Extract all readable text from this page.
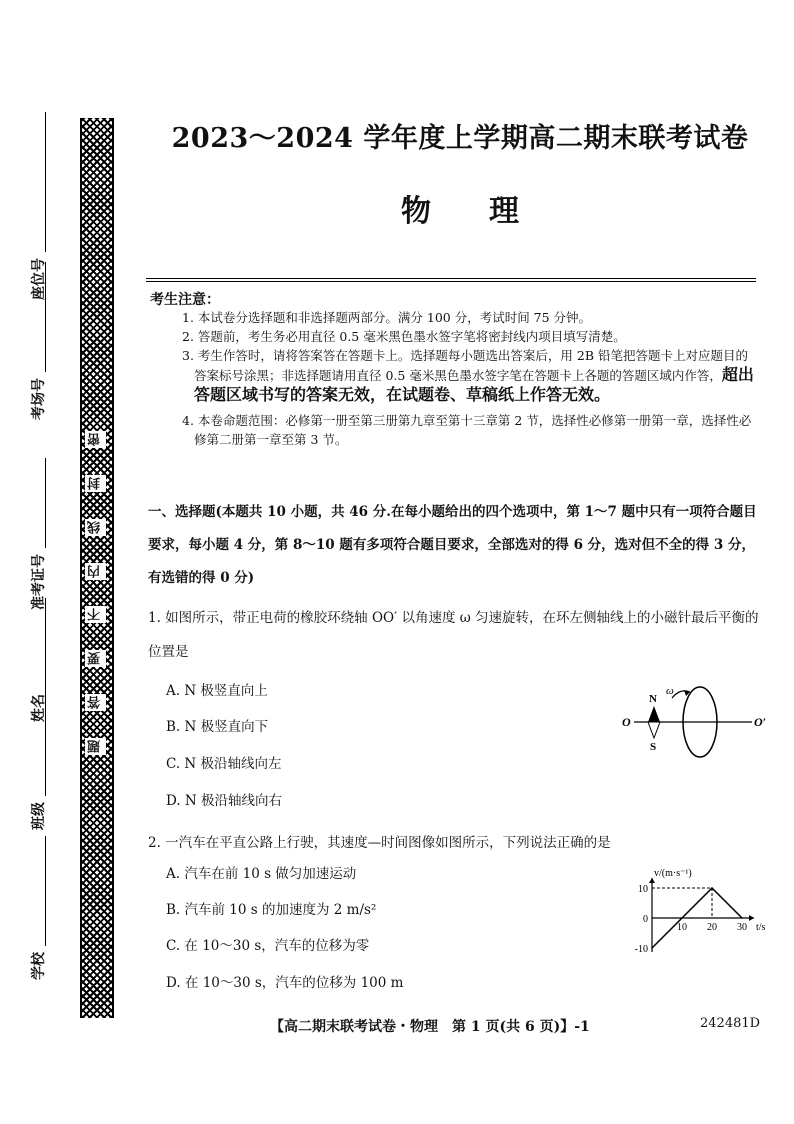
密
封
线
内
不
要
答
题
学校
班级
姓名
准考证号
考场号
座位号
2023～2024 学年度上学期高二期末联考试卷
物理
考生注意：
1. 本试卷分选择题和非选择题两部分。满分 100 分，考试时间 75 分钟。
2. 答题前，考生务必用直径 0.5 毫米黑色墨水签字笔将密封线内项目填写清楚。
3. 考生作答时，请将答案答在答题卡上。选择题每小题选出答案后，用 2B 铅笔把答题卡上对应题目的答案标号涂黑；非选择题请用直径 0.5 毫米黑色墨水签字笔在答题卡上各题的答题区域内作答，超出答题区域书写的答案无效，在试题卷、草稿纸上作答无效。
4. 本卷命题范围：必修第一册至第三册第九章至第十三章第 2 节，选择性必修第一册第一章，选择性必修第二册第一章至第 3 节。
一、选择题(本题共 10 小题，共 46 分.在每小题给出的四个选项中，第 1～7 题中只有一项符合题目要求，每小题 4 分，第 8～10 题有多项符合题目要求，全部选对的得 6 分，选对但不全的得 3 分，有选错的得 0 分)
1. 如图所示，带正电荷的橡胶环绕轴 OO′ 以角速度 ω 匀速旋转，在环左侧轴线上的小磁针最后平衡的位置是
A. N 极竖直向上
B. N 极竖直向下
C. N 极沿轴线向左
D. N 极沿轴线向右
O	O′
N
S
ω
2. 一汽车在平直公路上行驶，其速度—时间图像如图所示，下列说法正确的是
A. 汽车在前 10 s 做匀加速运动
B. 汽车前 10 s 的加速度为 2 m/s²
C. 在 10～30 s，汽车的位移为零
D. 在 10～30 s，汽车的位移为 100 m
v/(m·s⁻¹)
t/s
10
0
-10
10 20 30
【高二期末联考试卷・物理　第 1 页(共 6 页)】-1	242481D
